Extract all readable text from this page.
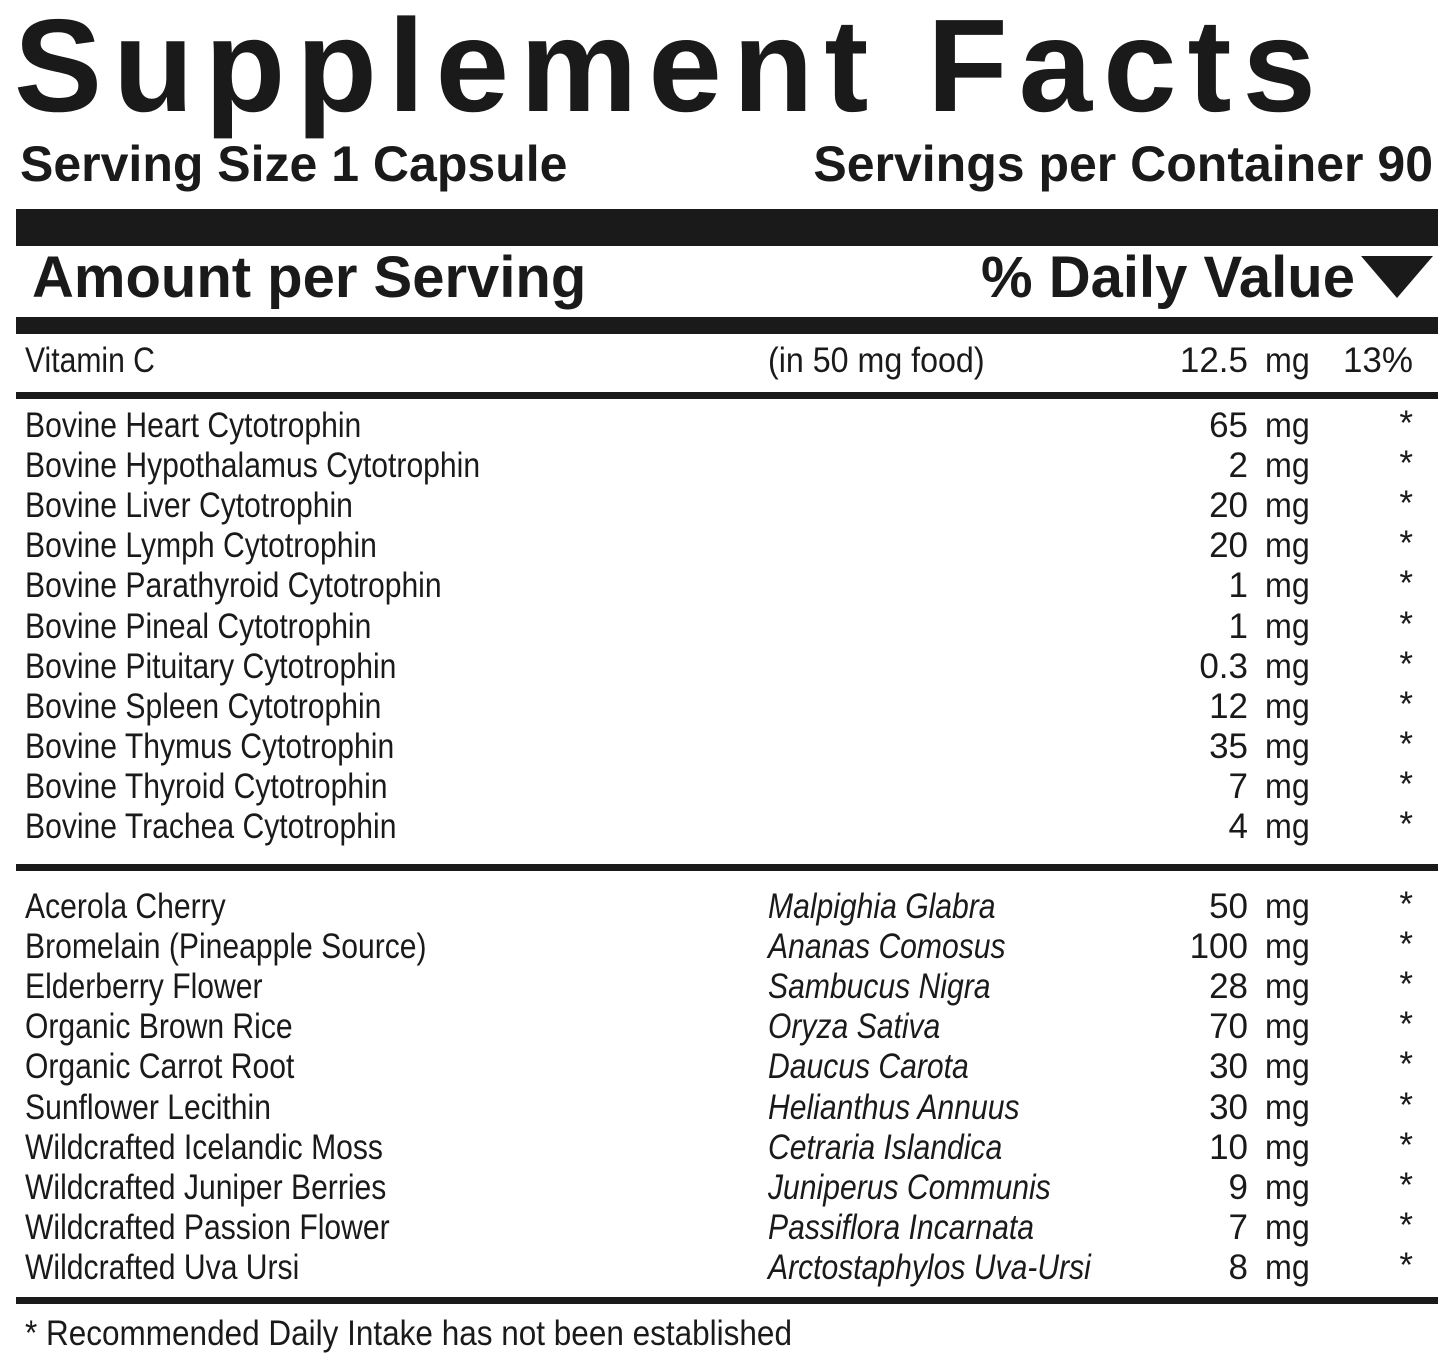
Supplement Facts
Serving Size 1 Capsule	Servings per Container 90
Amount per Serving	% Daily Value
Vitamin C	(in 50 mg food)	12.5 mg 13%
Bovine Heart Cytotrophin	65 mg	*
Bovine Hypothalamus Cytotrophin	2 mg	*
Bovine Liver Cytotrophin	20 mg	*
Bovine Lymph Cytotrophin	20 mg	*
Bovine Parathyroid Cytotrophin	1 mg	*
Bovine Pineal Cytotrophin	1 mg	*
Bovine Pituitary Cytotrophin	0.3 mg	*
Bovine Spleen Cytotrophin	12 mg	*
Bovine Thymus Cytotrophin	35 mg	*
Bovine Thyroid Cytotrophin	7 mg	*
Bovine Trachea Cytotrophin	4 mg	*
Acerola Cherry	Malpighia Glabra	50 mg	*
Bromelain (Pineapple Source)	Ananas Comosus	100 mg	*
Elderberry Flower	Sambucus Nigra	28 mg	*
Organic Brown Rice	Oryza Sativa	70 mg	*
Organic Carrot Root	Daucus Carota	30 mg	*
Sunflower Lecithin	Helianthus Annuus	30 mg	*
Wildcrafted Icelandic Moss	Cetraria Islandica	10 mg	*
Wildcrafted Juniper Berries	Juniperus Communis	9 mg	*
Wildcrafted Passion Flower	Passiflora Incarnata	7 mg	*
Wildcrafted Uva Ursi	Arctostaphylos Uva-Ursi	8 mg	*
* Recommended Daily Intake has not been established
